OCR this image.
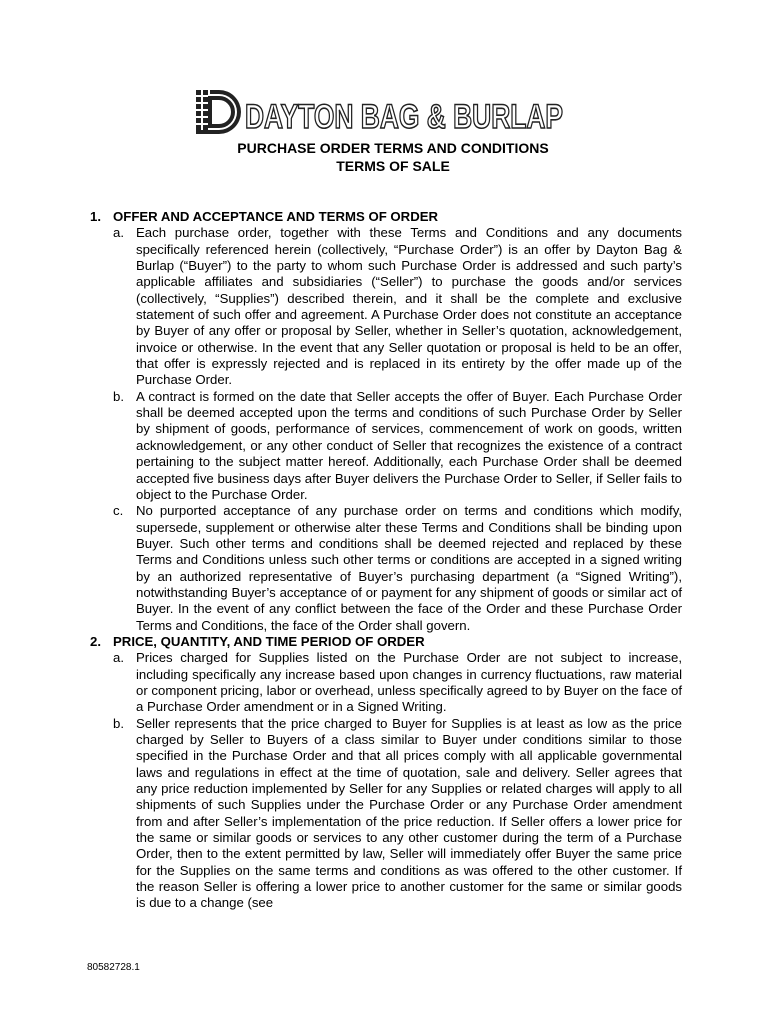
DAYTON BAG & BURLAP
PURCHASE ORDER TERMS AND CONDITIONS
TERMS OF SALE
1. OFFER AND ACCEPTANCE AND TERMS OF ORDER
a. Each purchase order, together with these Terms and Conditions and any documents specifically referenced herein (collectively, “Purchase Order”) is an offer by Dayton Bag & Burlap (“Buyer”) to the party to whom such Purchase Order is addressed and such party’s applicable affiliates and subsidiaries (“Seller”) to purchase the goods and/or services (collectively, “Supplies”) described therein, and it shall be the complete and exclusive statement of such offer and agreement. A Purchase Order does not constitute an acceptance by Buyer of any offer or proposal by Seller, whether in Seller’s quotation, acknowledgement, invoice or otherwise. In the event that any Seller quotation or proposal is held to be an offer, that offer is expressly rejected and is replaced in its entirety by the offer made up of the Purchase Order.
b. A contract is formed on the date that Seller accepts the offer of Buyer. Each Purchase Order shall be deemed accepted upon the terms and conditions of such Purchase Order by Seller by shipment of goods, performance of services, commencement of work on goods, written acknowledgement, or any other conduct of Seller that recognizes the existence of a contract pertaining to the subject matter hereof. Additionally, each Purchase Order shall be deemed accepted five business days after Buyer delivers the Purchase Order to Seller, if Seller fails to object to the Purchase Order.
c. No purported acceptance of any purchase order on terms and conditions which modify, supersede, supplement or otherwise alter these Terms and Conditions shall be binding upon Buyer. Such other terms and conditions shall be deemed rejected and replaced by these Terms and Conditions unless such other terms or conditions are accepted in a signed writing by an authorized representative of Buyer’s purchasing department (a “Signed Writing”), notwithstanding Buyer’s acceptance of or payment for any shipment of goods or similar act of Buyer. In the event of any conflict between the face of the Order and these Purchase Order Terms and Conditions, the face of the Order shall govern.
2. PRICE, QUANTITY, AND TIME PERIOD OF ORDER
a. Prices charged for Supplies listed on the Purchase Order are not subject to increase, including specifically any increase based upon changes in currency fluctuations, raw material or component pricing, labor or overhead, unless specifically agreed to by Buyer on the face of a Purchase Order amendment or in a Signed Writing.
b. Seller represents that the price charged to Buyer for Supplies is at least as low as the price charged by Seller to Buyers of a class similar to Buyer under conditions similar to those specified in the Purchase Order and that all prices comply with all applicable governmental laws and regulations in effect at the time of quotation, sale and delivery. Seller agrees that any price reduction implemented by Seller for any Supplies or related charges will apply to all shipments of such Supplies under the Purchase Order or any Purchase Order amendment from and after Seller’s implementation of the price reduction. If Seller offers a lower price for the same or similar goods or services to any other customer during the term of a Purchase Order, then to the extent permitted by law, Seller will immediately offer Buyer the same price for the Supplies on the same terms and conditions as was offered to the other customer. If the reason Seller is offering a lower price to another customer for the same or similar goods is due to a change (see
80582728.1
